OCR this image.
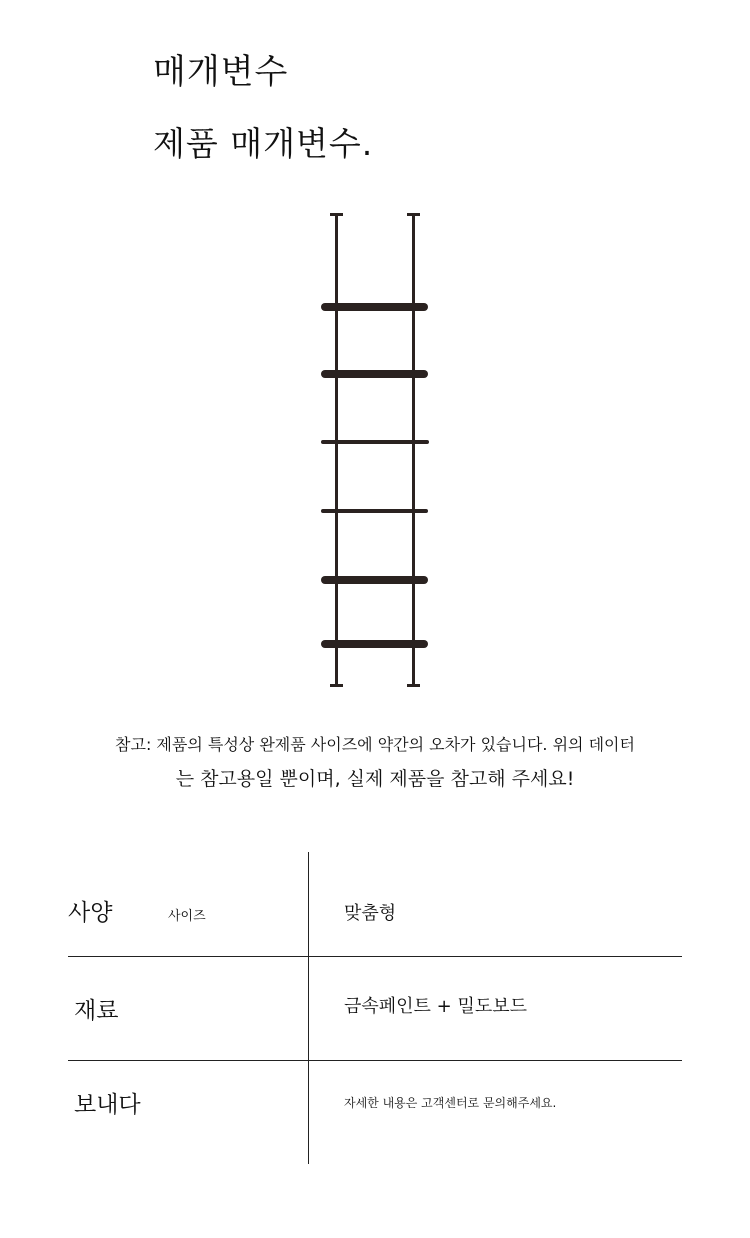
매개변수
제품 매개변수.
참고: 제품의 특성상 완제품 사이즈에 약간의 오차가 있습니다. 위의 데이터
는 참고용일 뿐이며, 실제 제품을 참고해 주세요!
사양	사이즈	맞춤형
재료	금속페인트 + 밀도보드
보내다	자세한 내용은 고객센터로 문의해주세요.
